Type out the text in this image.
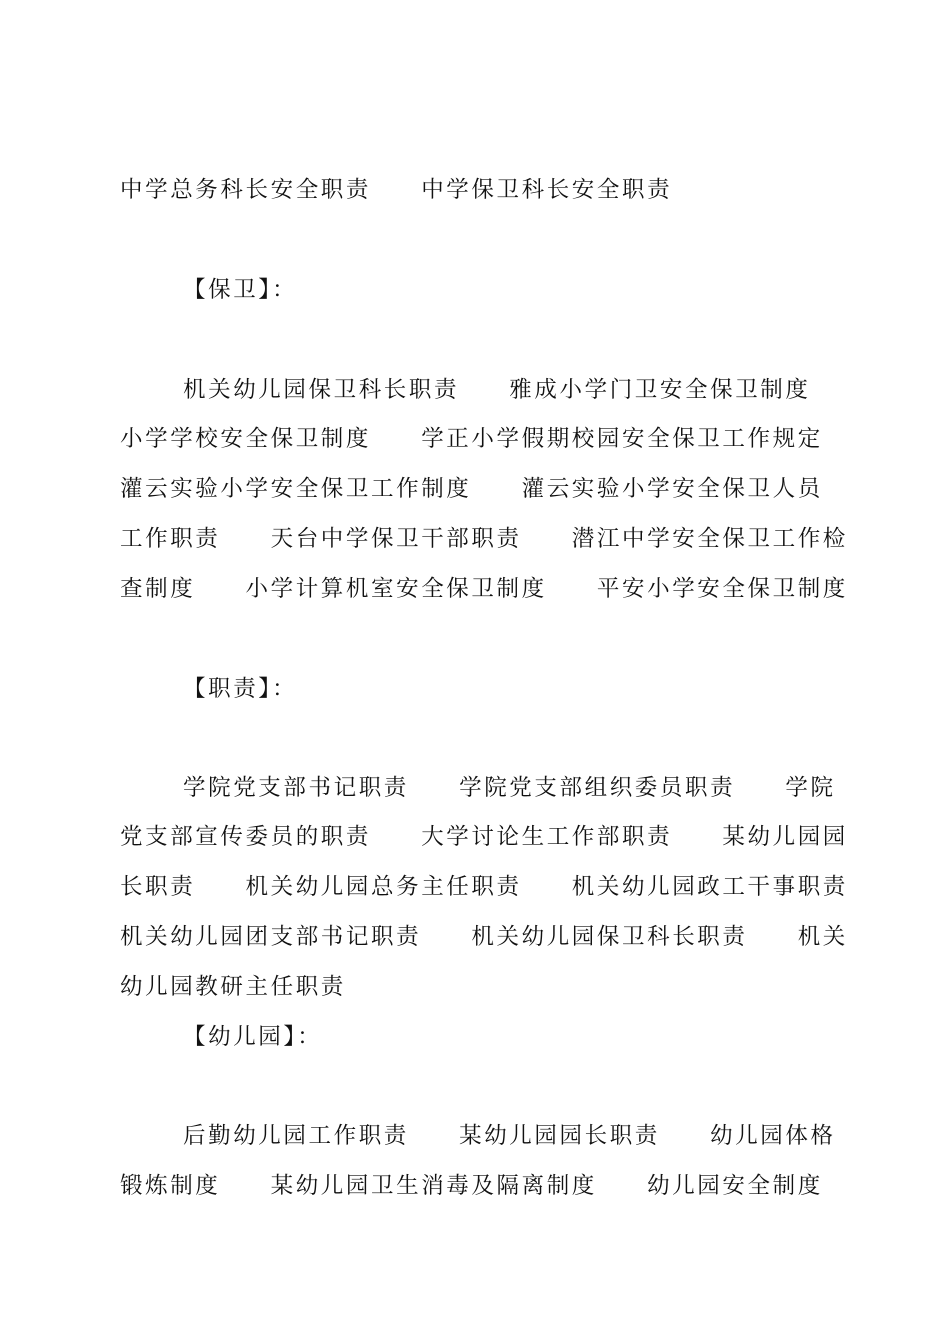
中学总务科长安全职责　　中学保卫科长安全职责

【保卫】：

机关幼儿园保卫科长职责　　雅成小学门卫安全保卫制度

小学学校安全保卫制度　　学正小学假期校园安全保卫工作规定

灌云实验小学安全保卫工作制度　　灌云实验小学安全保卫人员

工作职责　　天台中学保卫干部职责　　潜江中学安全保卫工作检

查制度　　小学计算机室安全保卫制度　　平安小学安全保卫制度

【职责】：

学院党支部书记职责　　学院党支部组织委员职责　　学院

党支部宣传委员的职责　　大学讨论生工作部职责　　某幼儿园园

长职责　　机关幼儿园总务主任职责　　机关幼儿园政工干事职责

机关幼儿园团支部书记职责　　机关幼儿园保卫科长职责　　机关

幼儿园教研主任职责

【幼儿园】：

后勤幼儿园工作职责　　某幼儿园园长职责　　幼儿园体格

锻炼制度　　某幼儿园卫生消毒及隔离制度　　幼儿园安全制度
